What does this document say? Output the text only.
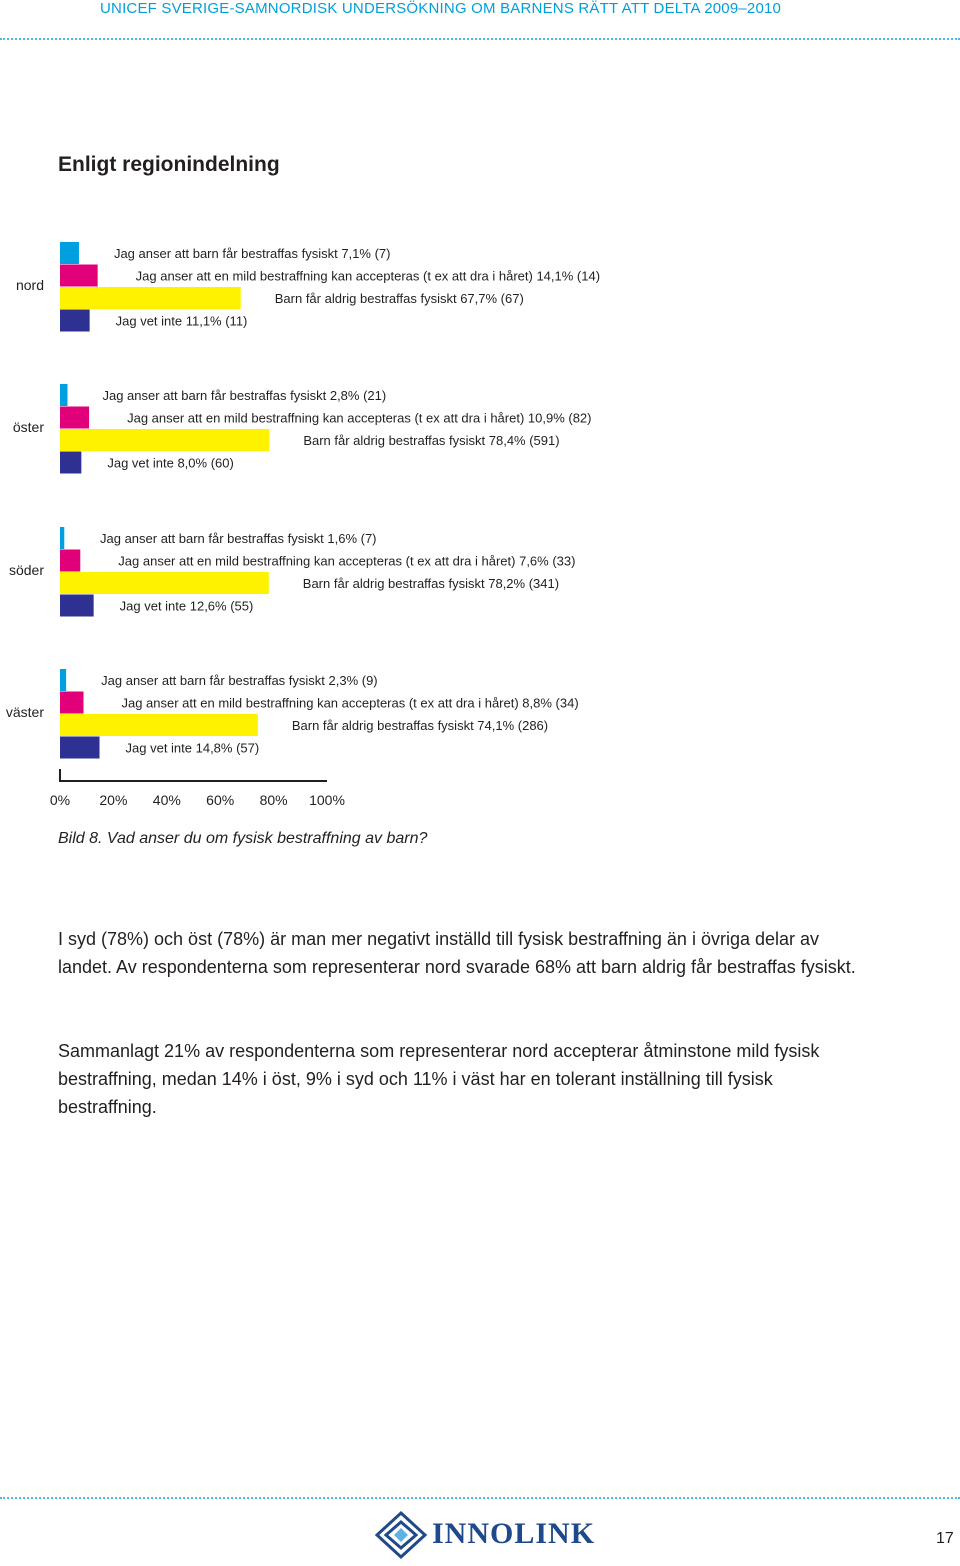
UNICEF SVERIGE-SAMNORDISK UNDERSÖKNING OM BARNENS RÄTT ATT DELTA 2009–2010
Enligt regionindelning
nord
Jag anser att barn får bestraffas fysiskt 7,1% (7)
Jag anser att en mild bestraffning kan accepteras (t ex att dra i håret) 14,1% (14)
Barn får aldrig bestraffas fysiskt 67,7% (67)
Jag vet inte 11,1% (11)
öster
Jag anser att barn får bestraffas fysiskt 2,8% (21)
Jag anser att en mild bestraffning kan accepteras (t ex att dra i håret) 10,9% (82)
Barn får aldrig bestraffas fysiskt 78,4% (591)
Jag vet inte 8,0% (60)
söder
Jag anser att barn får bestraffas fysiskt 1,6% (7)
Jag anser att en mild bestraffning kan accepteras (t ex att dra i håret) 7,6% (33)
Barn får aldrig bestraffas fysiskt 78,2% (341)
Jag vet inte 12,6% (55)
väster
Jag anser att barn får bestraffas fysiskt 2,3% (9)
Jag anser att en mild bestraffning kan accepteras (t ex att dra i håret) 8,8% (34)
Barn får aldrig bestraffas fysiskt 74,1% (286)
Jag vet inte 14,8% (57)
0% 20% 40% 60% 80% 100%
Bild 8. Vad anser du om fysisk bestraffning av barn?

I syd (78%) och öst (78%) är man mer negativt inställd till fysisk bestraffning än i övriga delar av landet. Av respondenterna som representerar nord svarade 68% att barn aldrig får bestraffas fysiskt.

Sammanlagt 21% av respondenterna som representerar nord accepterar åtminstone mild fysisk bestraffning, medan 14% i öst, 9% i syd och 11% i väst har en tolerant inställning till fysisk bestraffning.

INNOLINK	17
